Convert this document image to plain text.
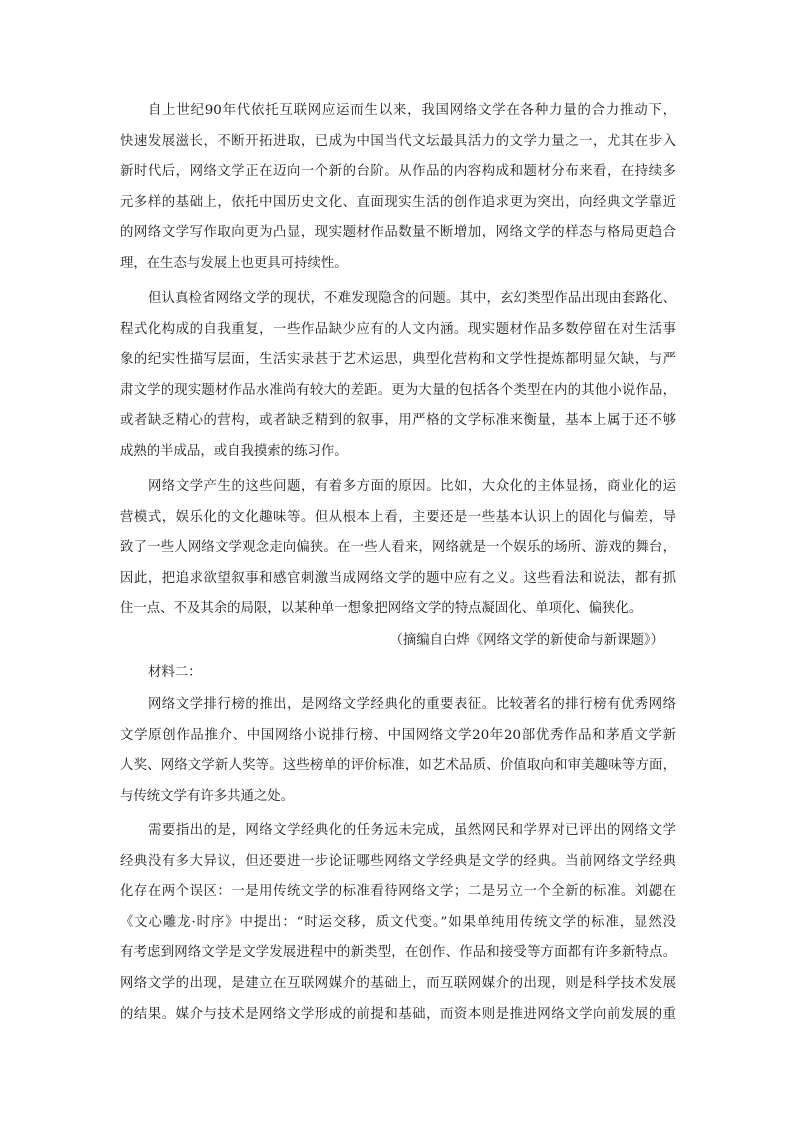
自上世纪90年代依托互联网应运而生以来，我国网络文学在各种力量的合力推动下，
快速发展滋长，不断开拓进取，已成为中国当代文坛最具活力的文学力量之一，尤其在步入
新时代后，网络文学正在迈向一个新的台阶。从作品的内容构成和题材分布来看，在持续多
元多样的基础上，依托中国历史文化、直面现实生活的创作追求更为突出，向经典文学靠近
的网络文学写作取向更为凸显，现实题材作品数量不断增加，网络文学的样态与格局更趋合
理，在生态与发展上也更具可持续性。
但认真检省网络文学的现状，不难发现隐含的问题。其中，玄幻类型作品出现由套路化、
程式化构成的自我重复，一些作品缺少应有的人文内涵。现实题材作品多数停留在对生活事
象的纪实性描写层面，生活实录甚于艺术运思，典型化营构和文学性提炼都明显欠缺，与严
肃文学的现实题材作品水准尚有较大的差距。更为大量的包括各个类型在内的其他小说作品，
或者缺乏精心的营构，或者缺乏精到的叙事，用严格的文学标准来衡量，基本上属于还不够
成熟的半成品，或自我摸索的练习作。
网络文学产生的这些问题，有着多方面的原因。比如，大众化的主体显扬，商业化的运
营模式，娱乐化的文化趣味等。但从根本上看，主要还是一些基本认识上的固化与偏差，导
致了一些人网络文学观念走向偏狭。在一些人看来，网络就是一个娱乐的场所、游戏的舞台，
因此，把追求欲望叙事和感官刺激当成网络文学的题中应有之义。这些看法和说法，都有抓
住一点、不及其余的局限，以某种单一想象把网络文学的特点凝固化、单项化、偏狭化。
（摘编自白烨《网络文学的新使命与新课题》）
材料二：
网络文学排行榜的推出，是网络文学经典化的重要表征。比较著名的排行榜有优秀网络
文学原创作品推介、中国网络小说排行榜、中国网络文学20年20部优秀作品和茅盾文学新
人奖、网络文学新人奖等。这些榜单的评价标准，如艺术品质、价值取向和审美趣味等方面，
与传统文学有许多共通之处。
需要指出的是，网络文学经典化的任务远未完成，虽然网民和学界对已评出的网络文学
经典没有多大异议，但还要进一步论证哪些网络文学经典是文学的经典。当前网络文学经典
化存在两个误区：一是用传统文学的标准看待网络文学；二是另立一个全新的标准。刘勰在
《文心雕龙·时序》中提出：“时运交移，质文代变。”如果单纯用传统文学的标准，显然没
有考虑到网络文学是文学发展进程中的新类型，在创作、作品和接受等方面都有许多新特点。
网络文学的出现，是建立在互联网媒介的基础上，而互联网媒介的出现，则是科学技术发展
的结果。媒介与技术是网络文学形成的前提和基础，而资本则是推进网络文学向前发展的重
